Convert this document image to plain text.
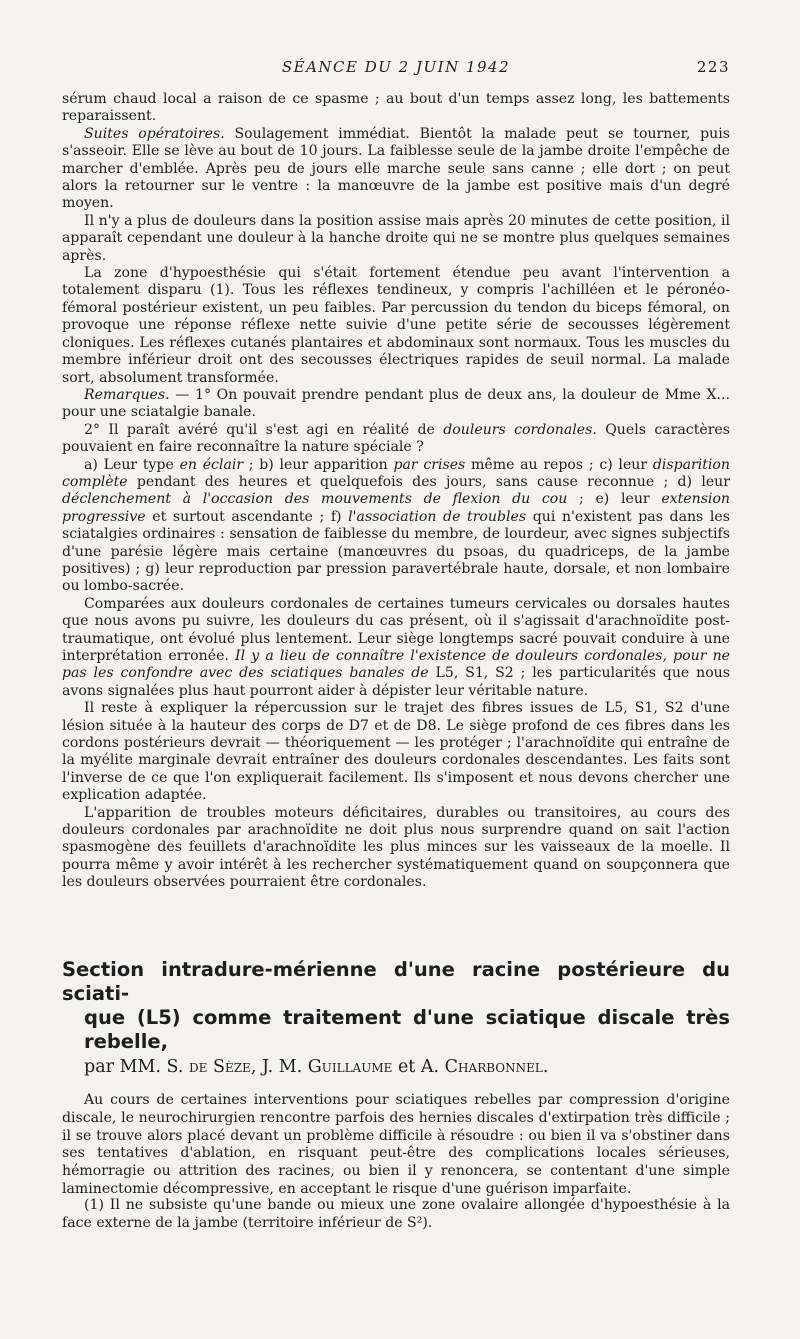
SÉANCE DU 2 JUIN 1942	223

sérum chaud local a raison de ce spasme ; au bout d'un temps assez long, les battements reparaissent.

Suites opératoires. Soulagement immédiat. Bientôt la malade peut se tourner, puis s'asseoir. Elle se lève au bout de 10 jours. La faiblesse seule de la jambe droite l'empêche de marcher d'emblée. Après peu de jours elle marche seule sans canne ; elle dort ; on peut alors la retourner sur le ventre : la manœuvre de la jambe est positive mais d'un degré moyen.

Il n'y a plus de douleurs dans la position assise mais après 20 minutes de cette position, il apparaît cependant une douleur à la hanche droite qui ne se montre plus quelques semaines après.

La zone d'hypoesthésie qui s'était fortement étendue peu avant l'intervention a totalement disparu (1). Tous les réflexes tendineux, y compris l'achilléen et le péronéo-fémoral postérieur existent, un peu faibles. Par percussion du tendon du biceps fémoral, on provoque une réponse réflexe nette suivie d'une petite série de secousses légèrement cloniques. Les réflexes cutanés plantaires et abdominaux sont normaux. Tous les muscles du membre inférieur droit ont des secousses électriques rapides de seuil normal. La malade sort, absolument transformée.

Remarques. — 1° On pouvait prendre pendant plus de deux ans, la douleur de Mme X... pour une sciatalgie banale.

2° Il paraît avéré qu'il s'est agi en réalité de douleurs cordonales. Quels caractères pouvaient en faire reconnaître la nature spéciale ?

a) Leur type en éclair ; b) leur apparition par crises même au repos ; c) leur disparition complète pendant des heures et quelquefois des jours, sans cause reconnue ; d) leur déclenchement à l'occasion des mouvements de flexion du cou ; e) leur extension progressive et surtout ascendante ; f) l'association de troubles qui n'existent pas dans les sciatalgies ordinaires : sensation de faiblesse du membre, de lourdeur, avec signes subjectifs d'une parésie légère mais certaine (manœuvres du psoas, du quadriceps, de la jambe positives) ; g) leur reproduction par pression paravertébrale haute, dorsale, et non lombaire ou lombo-sacrée.

Comparées aux douleurs cordonales de certaines tumeurs cervicales ou dorsales hautes que nous avons pu suivre, les douleurs du cas présent, où il s'agissait d'arachnoïdite post-traumatique, ont évolué plus lentement. Leur siège longtemps sacré pouvait conduire à une interprétation erronée. Il y a lieu de connaître l'existence de douleurs cordonales, pour ne pas les confondre avec des sciatiques banales de L5, S1, S2 ; les particularités que nous avons signalées plus haut pourront aider à dépister leur véritable nature.

Il reste à expliquer la répercussion sur le trajet des fibres issues de L5, S1, S2 d'une lésion située à la hauteur des corps de D7 et de D8. Le siège profond de ces fibres dans les cordons postérieurs devrait — théoriquement — les protéger ; l'arachnoïdite qui entraîne de la myélite marginale devrait entraîner des douleurs cordonales descendantes. Les faits sont l'inverse de ce que l'on expliquerait facilement. Ils s'imposent et nous devons chercher une explication adaptée.

L'apparition de troubles moteurs déficitaires, durables ou transitoires, au cours des douleurs cordonales par arachnoïdite ne doit plus nous surprendre quand on sait l'action spasmogène des feuillets d'arachnoïdite les plus minces sur les vaisseaux de la moelle. Il pourra même y avoir intérêt à les rechercher systématiquement quand on soupçonnera que les douleurs observées pourraient être cordonales.

Section intradure-mérienne d'une racine postérieure du sciati-
que (L5) comme traitement d'une sciatique discale très rebelle,
par MM. S. de Sèze, J. M. Guillaume et A. Charbonnel.

Au cours de certaines interventions pour sciatiques rebelles par compression d'origine discale, le neurochirurgien rencontre parfois des hernies discales d'extirpation très difficile ; il se trouve alors placé devant un problème difficile à résoudre : ou bien il va s'obstiner dans ses tentatives d'ablation, en risquant peut-être des complications locales sérieuses, hémorragie ou attrition des racines, ou bien il y renoncera, se contentant d'une simple laminectomie décompressive, en acceptant le risque d'une guérison imparfaite.

(1) Il ne subsiste qu'une bande ou mieux une zone ovalaire allongée d'hypoesthésie à la face externe de la jambe (territoire inférieur de S²).
